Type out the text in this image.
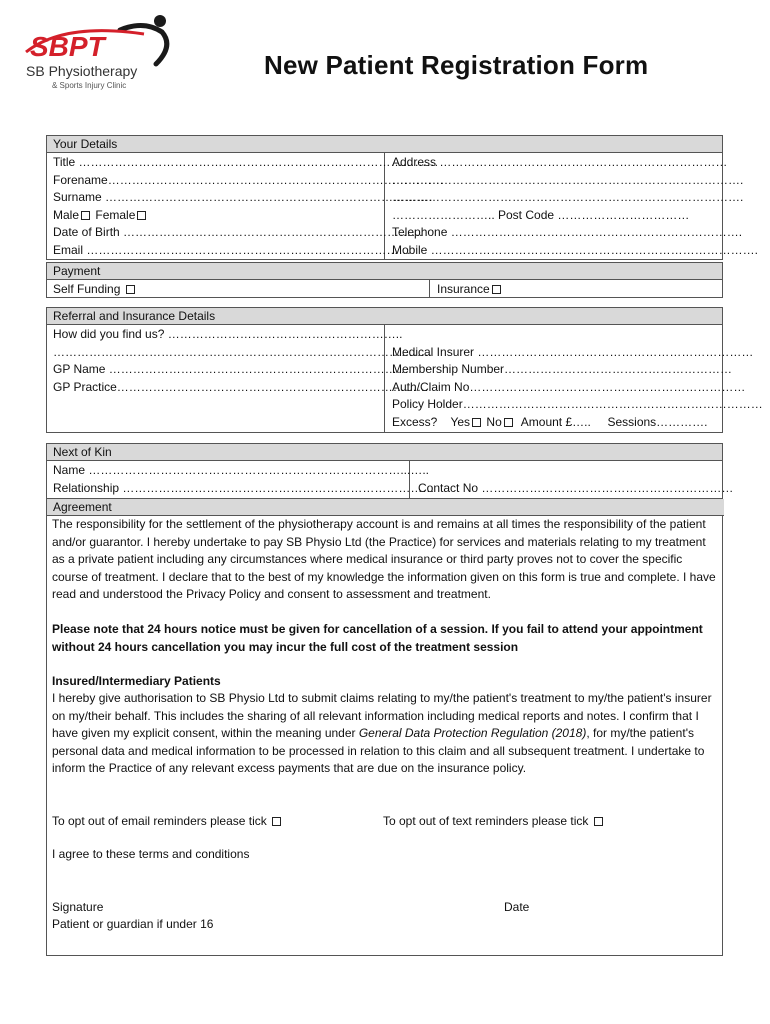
SBPT
SB Physiotherapy
& Sports Injury Clinic
New Patient Registration Form
Your Details
Title ………………………………………………………………………………
Forename…………………………………………………………………………
Surname ……………………………………………………………………….
Male Female
Date of Birth …………………………………………………………………
Email ………………………………………………………………………
Address ………………………………………………………………
…………………………………………………………………………….
…………………………………………………………………………….
…………………….. Post Code ……………………………
Telephone ……………………………………………………………….
Mobile ……………………………………………………………………….
Payment
Self Funding	Insurance
Referral and Insurance Details
How did you find us? …………………………………………………..
…………………………………………………………………………………..
GP Name …………………………………………………………………
GP Practice……………………………………………………………………
Medical Insurer ……………………………………………………………
Membership Number…………………………………………………
Auth/Claim No……………………………………………………………
Policy Holder…………………………………………………………………
Excess? Yes No Amount £….. Sessions………….
Next of Kin
Name ……………………………………………………………………...…..
Relationship ……………………………………………………………………
Contact No ………………………………………………………
Agreement
The responsibility for the settlement of the physiotherapy account is and remains at all times the responsibility of the patient and/or guarantor. I hereby undertake to pay SB Physio Ltd (the Practice) for services and materials relating to my treatment as a private patient including any circumstances where medical insurance or third party proves not to cover the specific course of treatment. I declare that to the best of my knowledge the information given on this form is true and complete. I have read and understood the Privacy Policy and consent to assessment and treatment.
Please note that 24 hours notice must be given for cancellation of a session. If you fail to attend your appointment without 24 hours cancellation you may incur the full cost of the treatment session
Insured/Intermediary Patients
I hereby give authorisation to SB Physio Ltd to submit claims relating to my/the patient's treatment to my/the patient's insurer on my/their behalf. This includes the sharing of all relevant information including medical reports and notes. I confirm that I have given my explicit consent, within the meaning under General Data Protection Regulation (2018), for my/the patient's personal data and medical information to be processed in relation to this claim and all subsequent treatment. I undertake to inform the Practice of any relevant excess payments that are due on the insurance policy.
To opt out of email reminders please tick	To opt out of text reminders please tick
I agree to these terms and conditions
Signature
Patient or guardian if under 16
Date
